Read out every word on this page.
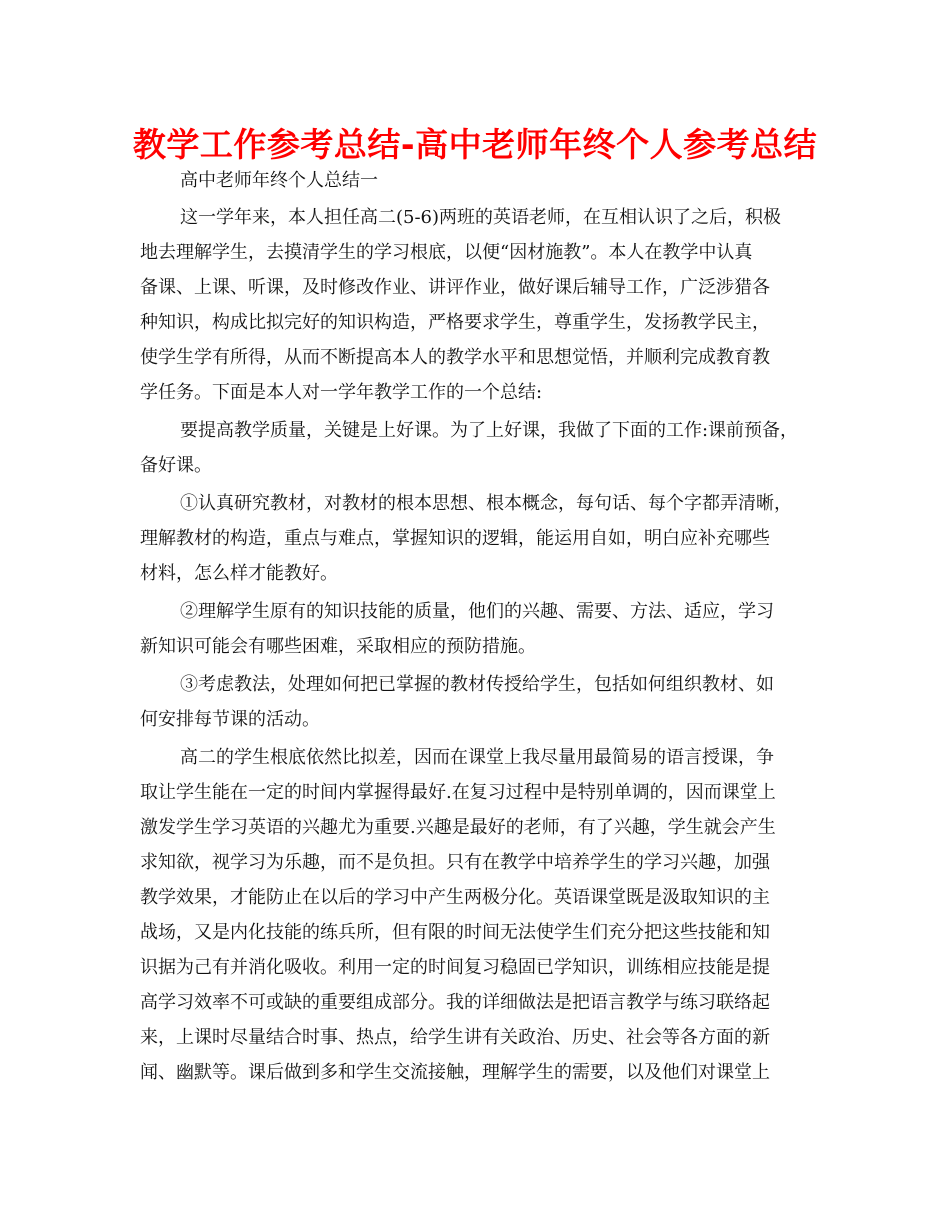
教学工作参考总结-高中老师年终个人参考总结
高中老师年终个人总结一
这一学年来，本人担任高二(5-6)两班的英语老师，在互相认识了之后，积极
地去理解学生，去摸清学生的学习根底，以便“因材施教”。本人在教学中认真
备课、上课、听课，及时修改作业、讲评作业，做好课后辅导工作，广泛涉猎各
种知识，构成比拟完好的知识构造，严格要求学生，尊重学生，发扬教学民主，
使学生学有所得，从而不断提高本人的教学水平和思想觉悟，并顺利完成教育教
学任务。下面是本人对一学年教学工作的一个总结:
要提高教学质量，关键是上好课。为了上好课，我做了下面的工作:课前预备，
备好课。
①认真研究教材，对教材的根本思想、根本概念，每句话、每个字都弄清晰，
理解教材的构造，重点与难点，掌握知识的逻辑，能运用自如，明白应补充哪些
材料，怎么样才能教好。
②理解学生原有的知识技能的质量，他们的兴趣、需要、方法、适应，学习
新知识可能会有哪些困难，采取相应的预防措施。
③考虑教法，处理如何把已掌握的教材传授给学生，包括如何组织教材、如
何安排每节课的活动。
高二的学生根底依然比拟差，因而在课堂上我尽量用最简易的语言授课，争
取让学生能在一定的时间内掌握得最好.在复习过程中是特别单调的，因而课堂上
激发学生学习英语的兴趣尤为重要.兴趣是最好的老师，有了兴趣，学生就会产生
求知欲，视学习为乐趣，而不是负担。只有在教学中培养学生的学习兴趣，加强
教学效果，才能防止在以后的学习中产生两极分化。英语课堂既是汲取知识的主
战场，又是内化技能的练兵所，但有限的时间无法使学生们充分把这些技能和知
识据为己有并消化吸收。利用一定的时间复习稳固已学知识，训练相应技能是提
高学习效率不可或缺的重要组成部分。我的详细做法是把语言教学与练习联络起
来，上课时尽量结合时事、热点，给学生讲有关政治、历史、社会等各方面的新
闻、幽默等。课后做到多和学生交流接触，理解学生的需要，以及他们对课堂上
